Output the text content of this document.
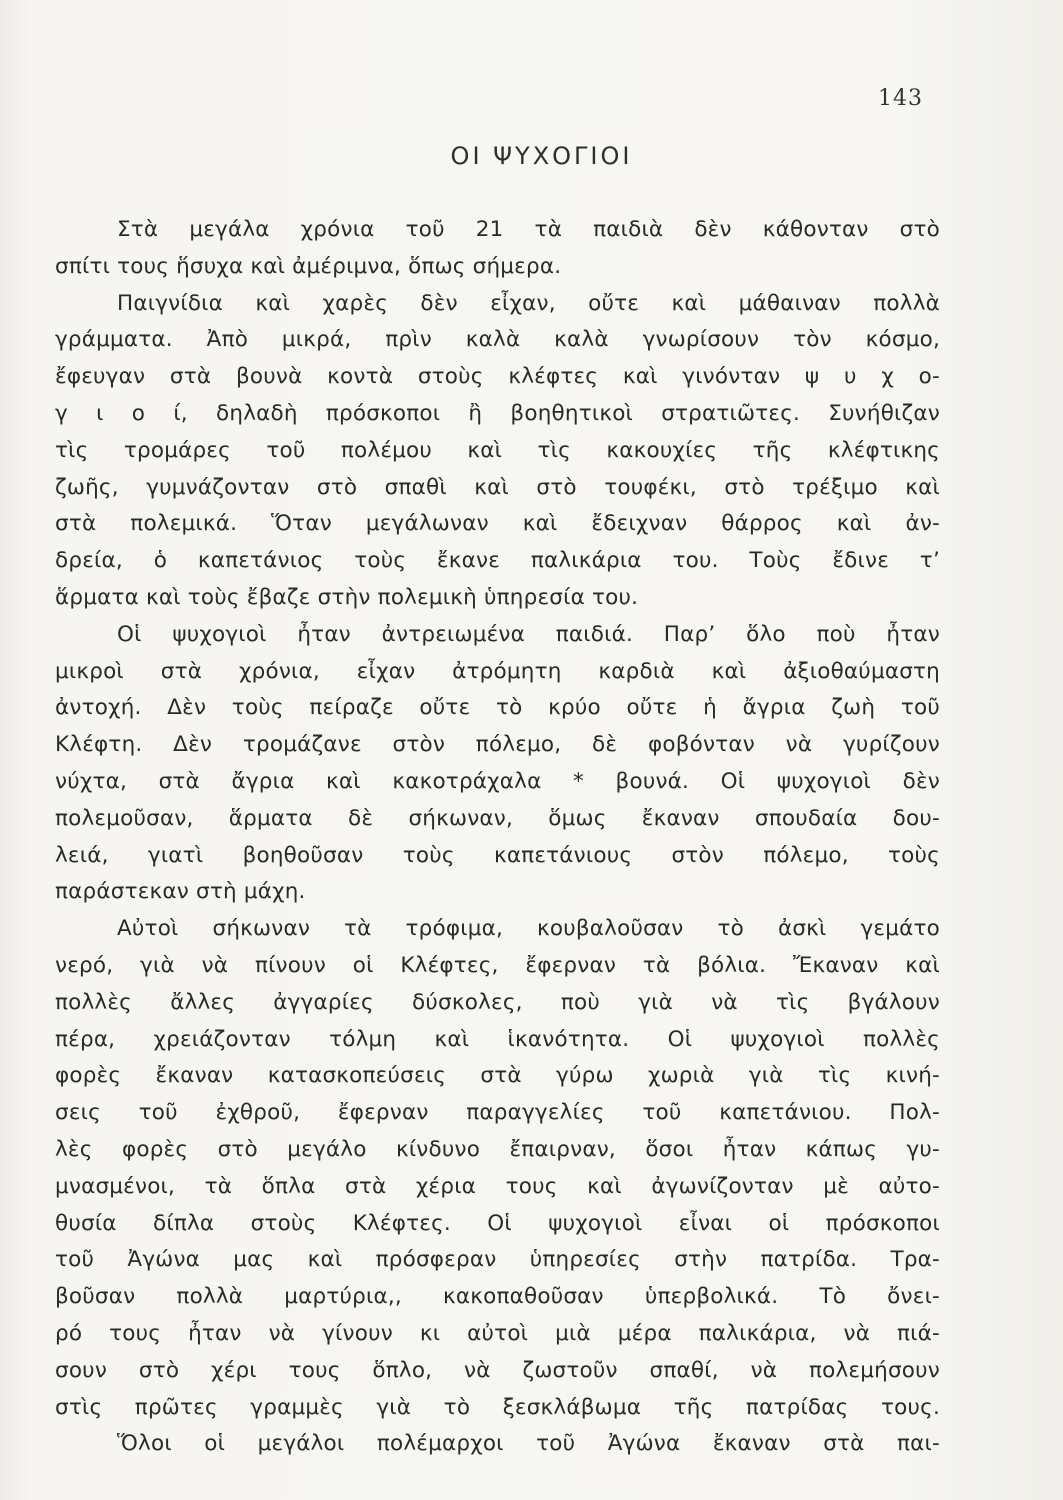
143
ΟΙ ΨΥΧΟΓΙΟΙ
Στὰ μεγάλα χρόνια τοῦ 21 τὰ παιδιὰ δὲν κάθονταν στὸ
σπίτι τους ἥσυχα καὶ ἀμέριμνα, ὅπως σήμερα.
Παιγνίδια καὶ χαρὲς δὲν εἶχαν, οὔτε καὶ μάθαιναν πολλὰ
γράμματα. Ἀπὸ μικρά, πρὶν καλὰ καλὰ γνωρίσουν τὸν κόσμο,
ἔφευγαν στὰ βουνὰ κοντὰ στοὺς κλέφτες καὶ γινόνταν ψ υ χ ο-
γ ι ο ί, δηλαδὴ πρόσκοποι ἢ βοηθητικοὶ στρατιῶτες. Συνήθιζαν
τὶς τρομάρες τοῦ πολέμου καὶ τὶς κακουχίες τῆς κλέφτικης
ζωῆς, γυμνάζονταν στὸ σπαθὶ καὶ στὸ τουφέκι, στὸ τρέξιμο καὶ
στὰ πολεμικά. Ὅταν μεγάλωναν καὶ ἔδειχναν θάρρος καὶ ἀν-
δρεία, ὁ καπετάνιος τοὺς ἔκανε παλικάρια του. Τοὺς ἔδινε τ’
ἅρματα καὶ τοὺς ἔβαζε στὴν πολεμικὴ ὑπηρεσία του.
Οἱ ψυχογιοὶ ἦταν ἀντρειωμένα παιδιά. Παρ’ ὅλο ποὺ ἦταν
μικροὶ στὰ χρόνια, εἶχαν ἀτρόμητη καρδιὰ καὶ ἀξιοθαύμαστη
ἀντοχή. Δὲν τοὺς πείραζε οὔτε τὸ κρύο οὔτε ἡ ἄγρια ζωὴ τοῦ
Κλέφτη. Δὲν τρομάζανε στὸν πόλεμο, δὲ φοβόνταν νὰ γυρίζουν
νύχτα, στὰ ἄγρια καὶ κακοτράχαλα * βουνά. Οἱ ψυχογιοὶ δὲν
πολεμοῦσαν, ἅρματα δὲ σήκωναν, ὅμως ἔκαναν σπουδαία δου-
λειά, γιατὶ βοηθοῦσαν τοὺς καπετάνιους στὸν πόλεμο, τοὺς
παράστεκαν στὴ μάχη.
Αὐτοὶ σήκωναν τὰ τρόφιμα, κουβαλοῦσαν τὸ ἀσκὶ γεμάτο
νερό, γιὰ νὰ πίνουν οἱ Κλέφτες, ἔφερναν τὰ βόλια. Ἔκαναν καὶ
πολλὲς ἄλλες ἀγγαρίες δύσκολες, ποὺ γιὰ νὰ τὶς βγάλουν
πέρα, χρειάζονταν τόλμη καὶ ἱκανότητα. Οἱ ψυχογιοὶ πολλὲς
φορὲς ἔκαναν κατασκοπεύσεις στὰ γύρω χωριὰ γιὰ τὶς κινή-
σεις τοῦ ἐχθροῦ, ἔφερναν παραγγελίες τοῦ καπετάνιου. Πολ-
λὲς φορὲς στὸ μεγάλο κίνδυνο ἔπαιρναν, ὅσοι ἦταν κάπως γυ-
μνασμένοι, τὰ ὅπλα στὰ χέρια τους καὶ ἀγωνίζονταν μὲ αὐτο-
θυσία δίπλα στοὺς Κλέφτες. Οἱ ψυχογιοὶ εἶναι οἱ πρόσκοποι
τοῦ Ἀγώνα μας καὶ πρόσφεραν ὑπηρεσίες στὴν πατρίδα. Τρα-
βοῦσαν πολλὰ μαρτύρια,, κακοπαθοῦσαν ὑπερβολικά. Τὸ ὄνει-
ρό τους ἦταν νὰ γίνουν κι αὐτοὶ μιὰ μέρα παλικάρια, νὰ πιά-
σουν στὸ χέρι τους ὅπλο, νὰ ζωστοῦν σπαθί, νὰ πολεμήσουν
στὶς πρῶτες γραμμὲς γιὰ τὸ ξεσκλάβωμα τῆς πατρίδας τους.
Ὅλοι οἱ μεγάλοι πολέμαρχοι τοῦ Ἀγώνα ἔκαναν στὰ παι-
